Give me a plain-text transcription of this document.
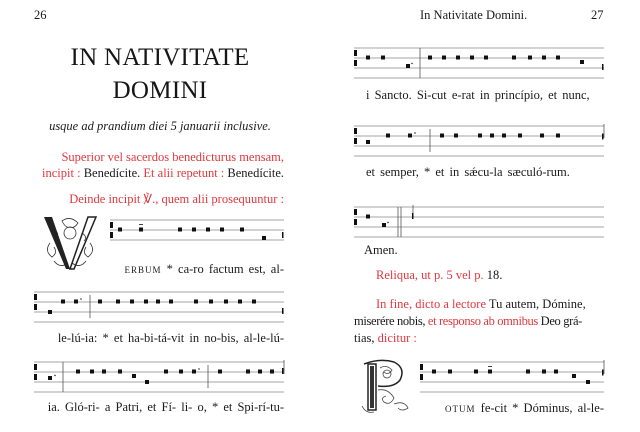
26
IN NATIVITATE
DOMINI
usque ad prandium diei 5 januarii inclusive.
Superior vel sacerdos benedicturus mensam,
incipit : Benedícite. Et alii repetunt : Benedícite.
Deinde incipit ℣., quem alii prosequuntur :
erbum * ca-ro factum est, al-
le-lú-ia: * et ha-bi-tá-vit in no-bis, al-le-lú-
ia. Gló-ri- a Patri, et Fí- li- o, * et Spi-rí-tu-
In Nativitate Domini.	27
i Sancto. Si-cut e-rat in princípio, et nunc,
et semper, * et in sǽcu-la sæculó-rum.
Amen.
Reliqua, ut p. 5 vel p. 18.
In fine, dicto a lectore Tu autem, Dómine,
miserére nobis, et responso ab omnibus Deo grá-
tias, dicitur :
otum fe-cit * Dóminus, al-le-
